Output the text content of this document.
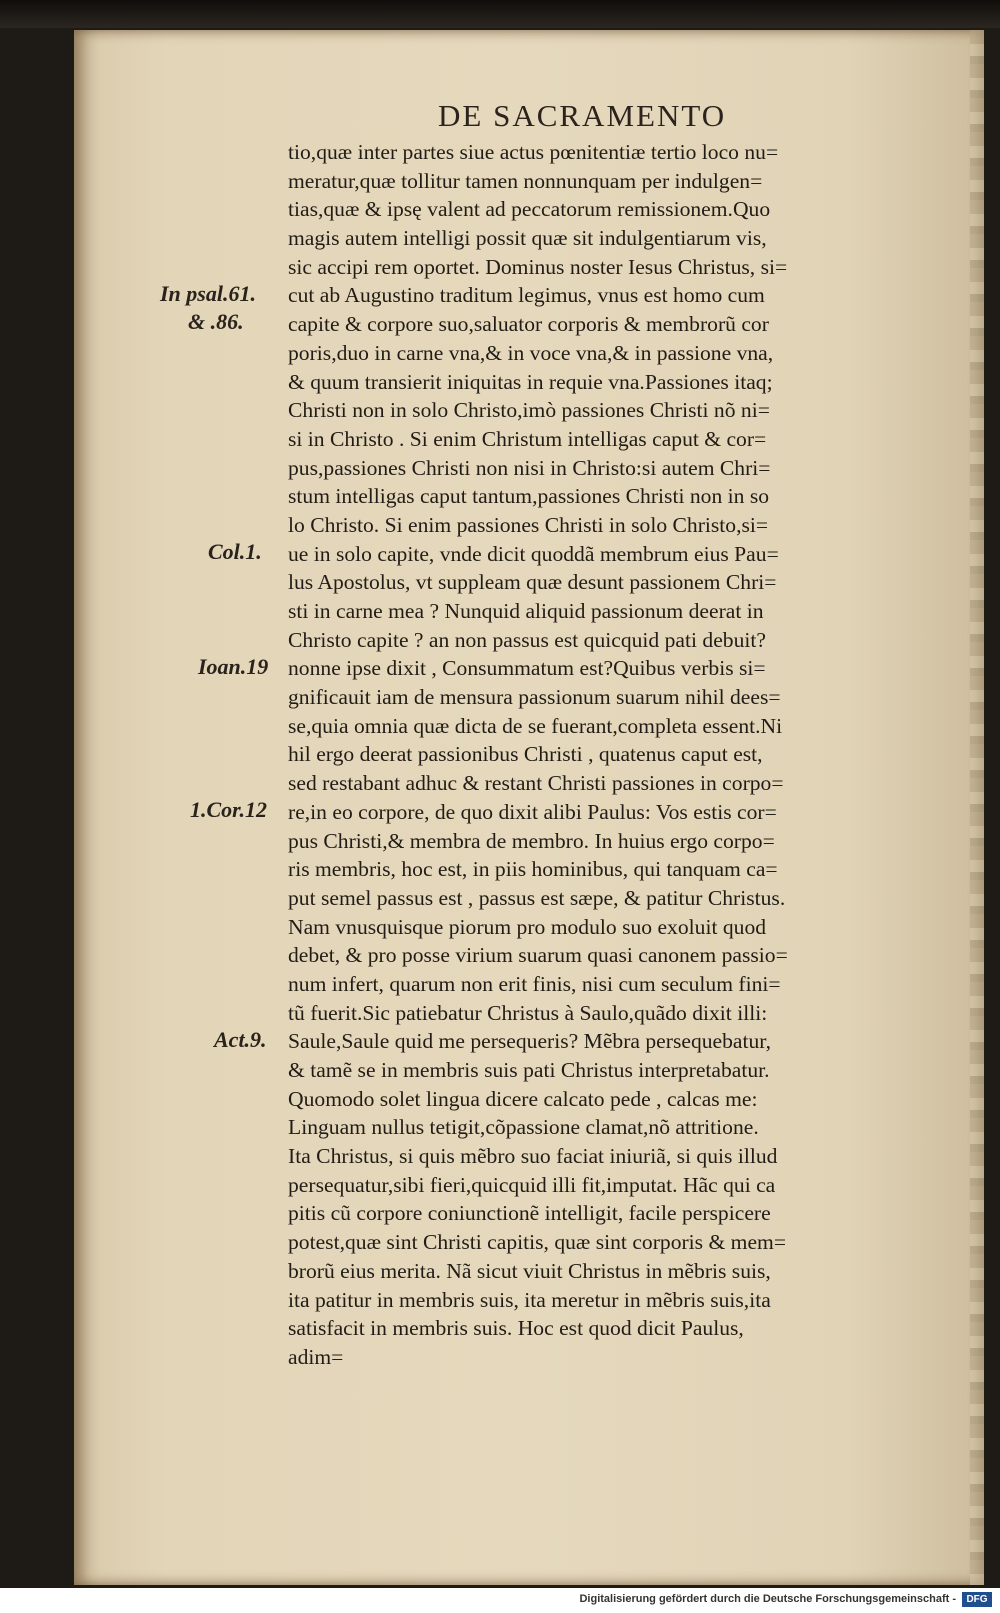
DE SACRAMENTO
tio,quæ inter partes siue actus pœnitentiæ tertio loco nu=
meratur,quæ tollitur tamen nonnunquam per indulgen=
tias,quæ & ipsę valent ad peccatorum remissionem.Quo
magis autem intelligi possit quæ sit indulgentiarum vis,
sic accipi rem oportet. Dominus noster Iesus Christus, si=
cut ab Augustino traditum legimus, vnus est homo cum
capite & corpore suo,saluator corporis & membrorũ cor
poris,duo in carne vna,& in voce vna,& in passione vna,
& quum transierit iniquitas in requie vna.Passiones itaq;
Christi non in solo Christo,imò passiones Christi nõ ni=
si in Christo . Si enim Christum intelligas caput & cor=
pus,passiones Christi non nisi in Christo:si autem Chri=
stum intelligas caput tantum,passiones Christi non in so
lo Christo. Si enim passiones Christi in solo Christo,si=
ue in solo capite, vnde dicit quoddã membrum eius Pau=
lus Apostolus, vt suppleam quæ desunt passionem Chri=
sti in carne mea ? Nunquid aliquid passionum deerat in
Christo capite ? an non passus est quicquid pati debuit?
nonne ipse dixit , Consummatum est?Quibus verbis si=
gnificauit iam de mensura passionum suarum nihil dees=
se,quia omnia quæ dicta de se fuerant,completa essent.Ni
hil ergo deerat passionibus Christi , quatenus caput est,
sed restabant adhuc & restant Christi passiones in corpo=
re,in eo corpore, de quo dixit alibi Paulus: Vos estis cor=
pus Christi,& membra de membro. In huius ergo corpo=
ris membris, hoc est, in piis hominibus, qui tanquam ca=
put semel passus est , passus est sæpe, & patitur Christus.
Nam vnusquisque piorum pro modulo suo exoluit quod
debet, & pro posse virium suarum quasi canonem passio=
num infert, quarum non erit finis, nisi cum seculum fini=
tũ fuerit.Sic patiebatur Christus à Saulo,quãdo dixit illi:
Saule,Saule quid me persequeris? Mẽbra persequebatur,
& tamẽ se in membris suis pati Christus interpretabatur.
Quomodo solet lingua dicere calcato pede , calcas me:
Linguam nullus tetigit,cõpassione clamat,nõ attritione.
Ita Christus, si quis mẽbro suo faciat iniuriã, si quis illud
persequatur,sibi fieri,quicquid illi fit,imputat. Hãc qui ca
pitis cũ corpore coniunctionẽ intelligit, facile perspicere
potest,quæ sint Christi capitis, quæ sint corporis & mem=
brorũ eius merita. Nã sicut viuit Christus in mẽbris suis,
ita patitur in membris suis, ita meretur in mẽbris suis,ita
satisfacit in membris suis. Hoc est quod dicit Paulus,
adim=
In psal.61.
& .86.
Col.1.
Ioan.19
1.Cor.12
Act.9.
Digitalisierung gefördert durch die Deutsche Forschungsgemeinschaft -	DFG
